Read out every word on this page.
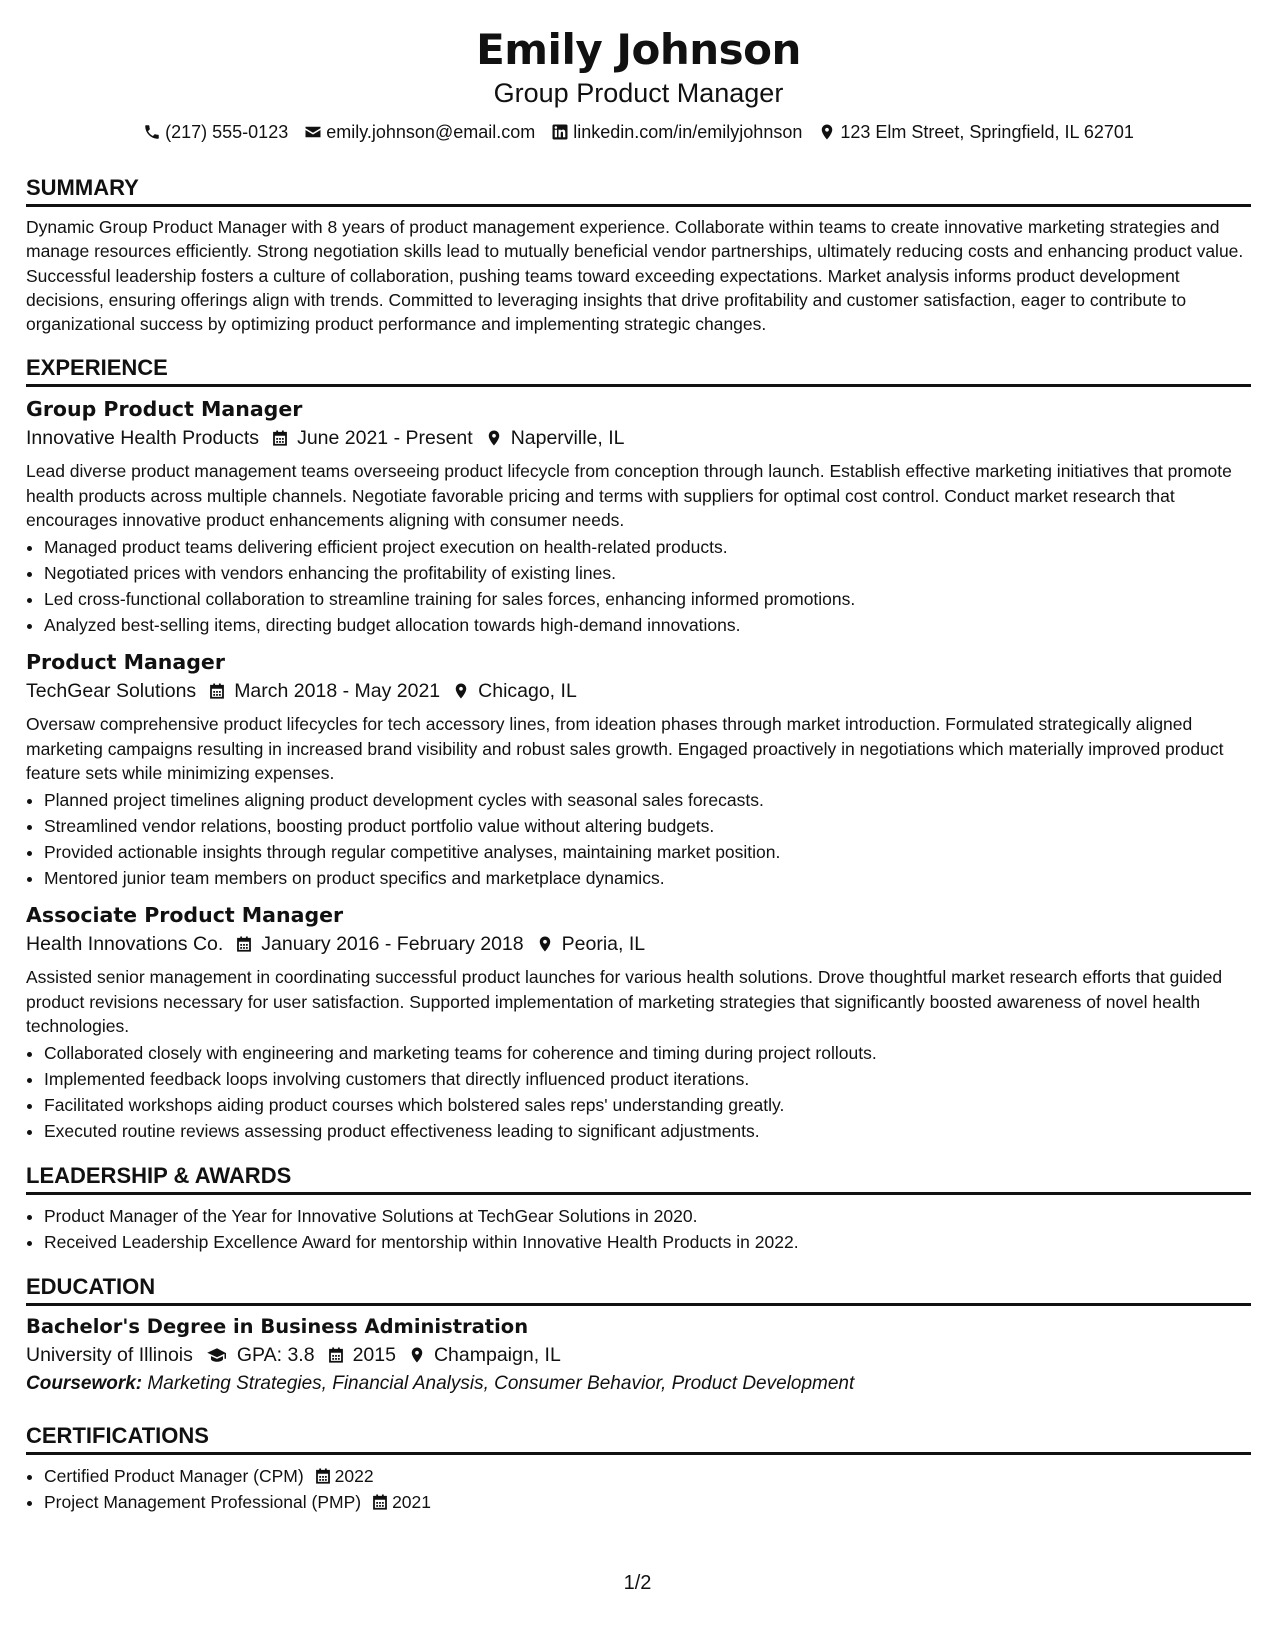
Emily Johnson
Group Product Manager
(217) 555-0123 emily.johnson@email.com linkedin.com/in/emilyjohnson 123 Elm Street, Springfield, IL 62701
SUMMARY

Dynamic Group Product Manager with 8 years of product management experience. Collaborate within teams to create innovative marketing strategies and manage resources efficiently. Strong negotiation skills lead to mutually beneficial vendor partnerships, ultimately reducing costs and enhancing product value. Successful leadership fosters a culture of collaboration, pushing teams toward exceeding expectations. Market analysis informs product development decisions, ensuring offerings align with trends. Committed to leveraging insights that drive profitability and customer satisfaction, eager to contribute to organizational success by optimizing product performance and implementing strategic changes.

EXPERIENCE
Group Product Manager
Innovative Health Products June 2021 - Present Naperville, IL

Lead diverse product management teams overseeing product lifecycle from conception through launch. Establish effective marketing initiatives that promote health products across multiple channels. Negotiate favorable pricing and terms with suppliers for optimal cost control. Conduct market research that encourages innovative product enhancements aligning with consumer needs.

• Managed product teams delivering efficient project execution on health-related products.
• Negotiated prices with vendors enhancing the profitability of existing lines.
• Led cross-functional collaboration to streamline training for sales forces, enhancing informed promotions.
• Analyzed best-selling items, directing budget allocation towards high-demand innovations.
Product Manager
TechGear Solutions March 2018 - May 2021 Chicago, IL

Oversaw comprehensive product lifecycles for tech accessory lines, from ideation phases through market introduction. Formulated strategically aligned marketing campaigns resulting in increased brand visibility and robust sales growth. Engaged proactively in negotiations which materially improved product feature sets while minimizing expenses.

• Planned project timelines aligning product development cycles with seasonal sales forecasts.
• Streamlined vendor relations, boosting product portfolio value without altering budgets.
• Provided actionable insights through regular competitive analyses, maintaining market position.
• Mentored junior team members on product specifics and marketplace dynamics.
Associate Product Manager
Health Innovations Co. January 2016 - February 2018 Peoria, IL

Assisted senior management in coordinating successful product launches for various health solutions. Drove thoughtful market research efforts that guided product revisions necessary for user satisfaction. Supported implementation of marketing strategies that significantly boosted awareness of novel health technologies.

• Collaborated closely with engineering and marketing teams for coherence and timing during project rollouts.
• Implemented feedback loops involving customers that directly influenced product iterations.
• Facilitated workshops aiding product courses which bolstered sales reps' understanding greatly.
• Executed routine reviews assessing product effectiveness leading to significant adjustments.
LEADERSHIP & AWARDS
• Product Manager of the Year for Innovative Solutions at TechGear Solutions in 2020.
• Received Leadership Excellence Award for mentorship within Innovative Health Products in 2022.
EDUCATION
Bachelor's Degree in Business Administration
University of Illinois GPA: 3.8 2015 Champaign, IL
Coursework: Marketing Strategies, Financial Analysis, Consumer Behavior, Product Development
CERTIFICATIONS
• Certified Product Manager (CPM) 2022
• Project Management Professional (PMP) 2021
1/2
